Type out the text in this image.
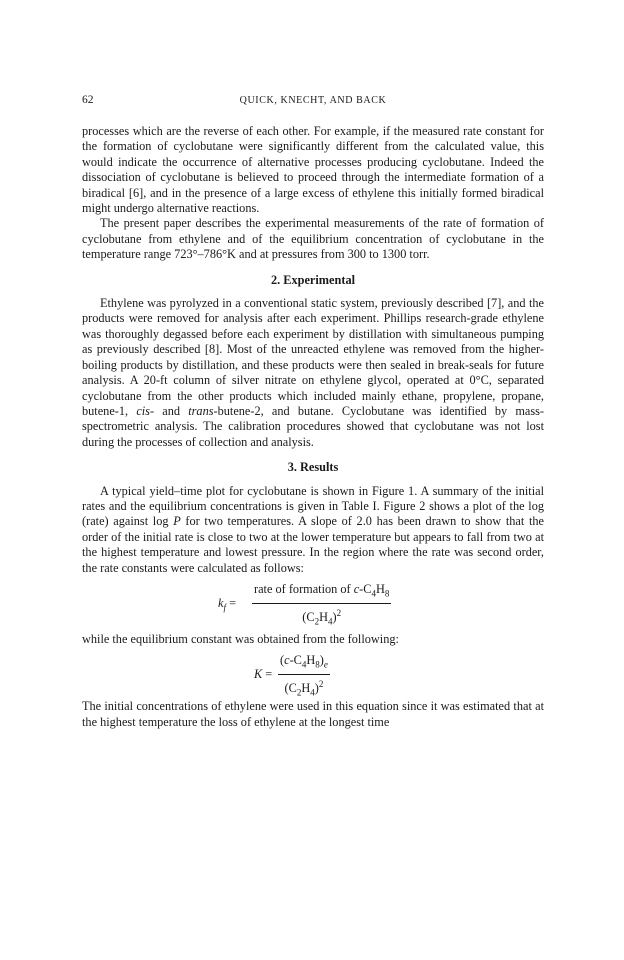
62	QUICK, KNECHT, AND BACK

processes which are the reverse of each other. For example, if the measured rate constant for the formation of cyclobutane were significantly different from the calculated value, this would indicate the occurrence of alternative processes producing cyclobutane. Indeed the dissociation of cyclobutane is believed to proceed through the intermediate formation of a biradical [6], and in the presence of a large excess of ethylene this initially formed biradical might undergo alternative reactions.

The present paper describes the experimental measurements of the rate of formation of cyclobutane from ethylene and of the equilibrium concentration of cyclobutane in the temperature range 723°–786°K and at pressures from 300 to 1300 torr.

2. Experimental

Ethylene was pyrolyzed in a conventional static system, previously described [7], and the products were removed for analysis after each experiment. Phillips research-grade ethylene was thoroughly degassed before each experiment by distillation with simultaneous pumping as previously described [8]. Most of the unreacted ethylene was removed from the higher-boiling products by distillation, and these products were then sealed in break-seals for future analysis. A 20-ft column of silver nitrate on ethylene glycol, operated at 0°C, separated cyclobutane from the other products which included mainly ethane, propylene, propane, butene-1, cis- and trans-butene-2, and butane. Cyclobutane was identified by mass-spectrometric analysis. The calibration procedures showed that cyclobutane was not lost during the processes of collection and analysis.

3. Results

A typical yield–time plot for cyclobutane is shown in Figure 1. A summary of the initial rates and the equilibrium concentrations is given in Table I. Figure 2 shows a plot of the log (rate) against log P for two temperatures. A slope of 2.0 has been drawn to show that the order of the initial rate is close to two at the lower temperature but appears to fall from two at the highest temperature and lowest pressure. In the region where the rate was second order, the rate constants were calculated as follows:

$k_f$ =
rate of formation of $c-C_4H_8$
$(C_2H_4)^2$

while the equilibrium constant was obtained from the following:

$K = \frac{(c-C_4H_8)_e}{(C_2H_4)^2}$

The initial concentrations of ethylene were used in this equation since it was estimated that at the highest temperature the loss of ethylene at the longest time
